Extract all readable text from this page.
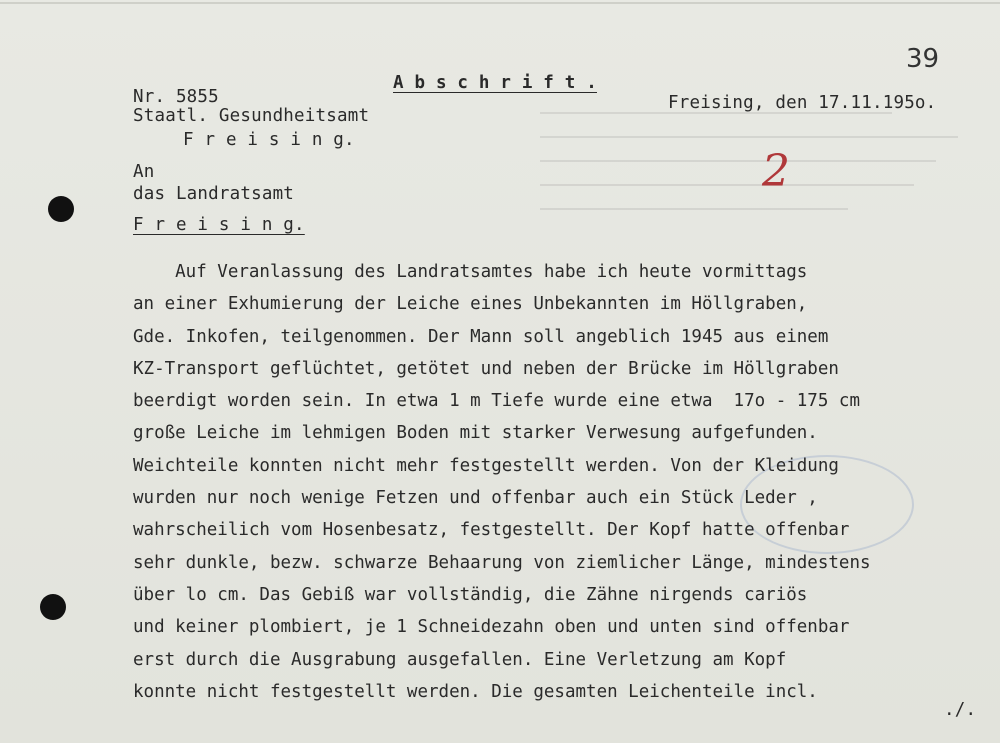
39
Nr. 5855
A b s c h r i f t .
Freising, den 17.11.195o.
Staatl. Gesundheitsamt
F r e i s i n g.
2
An
das Landratsamt
F r e i s i n g.
Auf Veranlassung des Landratsamtes habe ich heute vormittags
an einer Exhumierung der Leiche eines Unbekannten im Höllgraben,
Gde. Inkofen, teilgenommen. Der Mann soll angeblich 1945 aus einem
KZ-Transport geflüchtet, getötet und neben der Brücke im Höllgraben
beerdigt worden sein. In etwa 1 m Tiefe wurde eine etwa  17o - 175 cm
große Leiche im lehmigen Boden mit starker Verwesung aufgefunden.
Weichteile konnten nicht mehr festgestellt werden. Von der Kleidung
wurden nur noch wenige Fetzen und offenbar auch ein Stück Leder ,
wahrscheilich vom Hosenbesatz, festgestellt. Der Kopf hatte offenbar
sehr dunkle, bezw. schwarze Behaarung von ziemlicher Länge, mindestens
über lo cm. Das Gebiß war vollständig, die Zähne nirgends cariös
und keiner plombiert, je 1 Schneidezahn oben und unten sind offenbar
erst durch die Ausgrabung ausgefallen. Eine Verletzung am Kopf
konnte nicht festgestellt werden. Die gesamten Leichenteile incl.
./.
